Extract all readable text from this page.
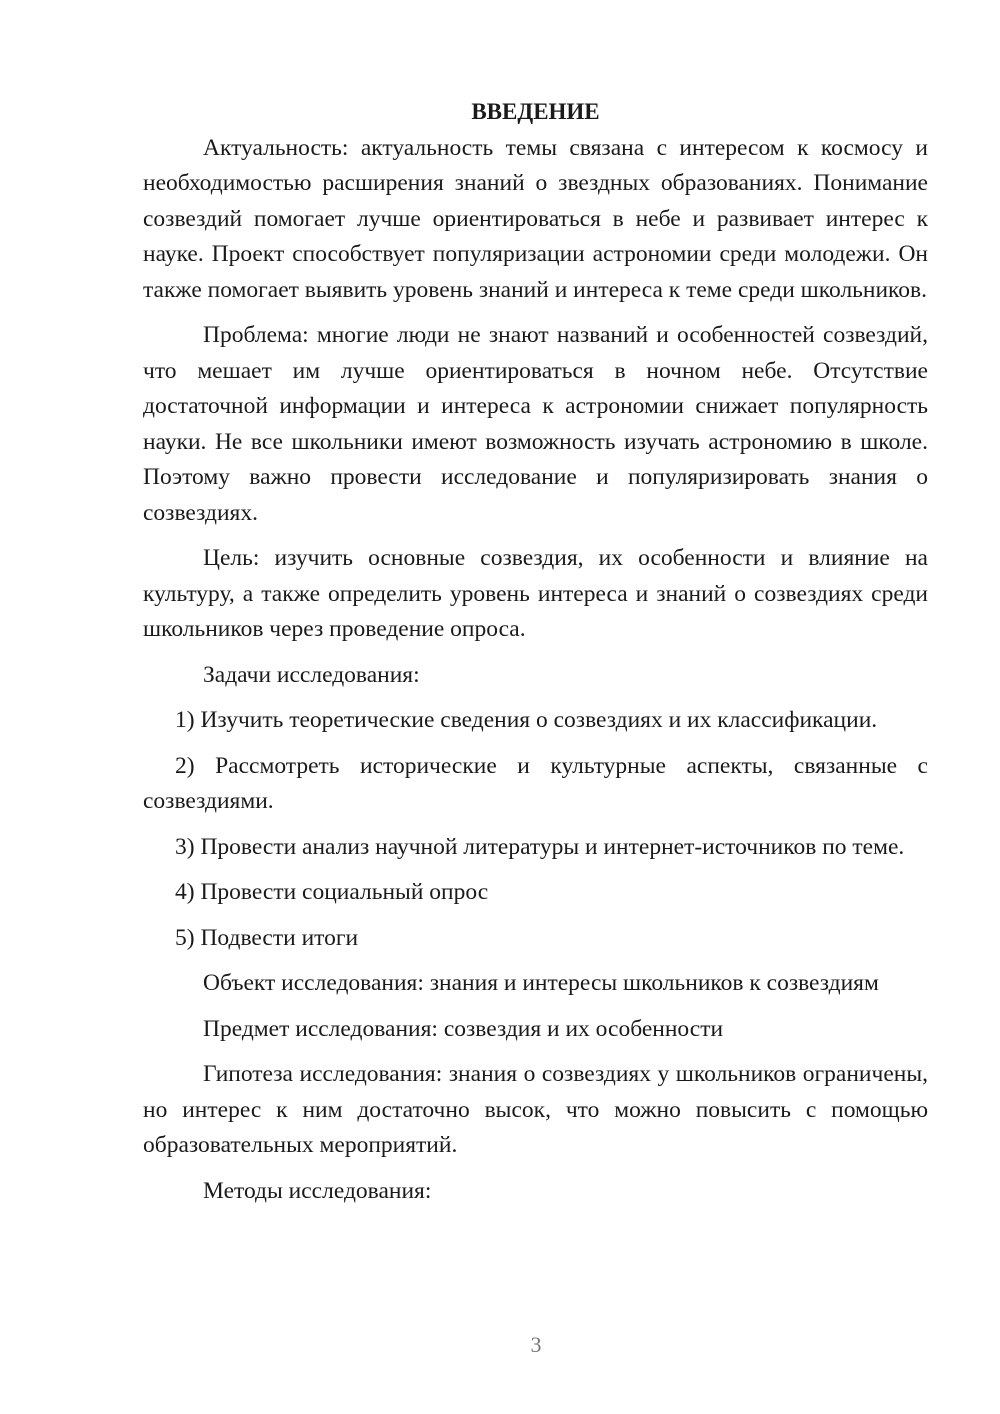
ВВЕДЕНИЕ

Актуальность: актуальность темы связана с интересом к космосу и необходимостью расширения знаний о звездных образованиях. Понимание созвездий помогает лучше ориентироваться в небе и развивает интерес к науке. Проект способствует популяризации астрономии среди молодежи. Он также помогает выявить уровень знаний и интереса к теме среди школьников.

Проблема: многие люди не знают названий и особенностей созвездий, что мешает им лучше ориентироваться в ночном небе. Отсутствие достаточной информации и интереса к астрономии снижает популярность науки. Не все школьники имеют возможность изучать астрономию в школе. Поэтому важно провести исследование и популяризировать знания о созвездиях.

Цель: изучить основные созвездия, их особенности и влияние на культуру, а также определить уровень интереса и знаний о созвездиях среди школьников через проведение опроса.

Задачи исследования:

1) Изучить теоретические сведения о созвездиях и их классификации.

2) Рассмотреть исторические и культурные аспекты, связанные с созвездиями.

3) Провести анализ научной литературы и интернет-источников по теме.

4) Провести социальный опрос

5) Подвести итоги

Объект исследования: знания и интересы школьников к созвездиям

Предмет исследования: созвездия и их особенности

Гипотеза исследования: знания о созвездиях у школьников ограничены, но интерес к ним достаточно высок, что можно повысить с помощью образовательных мероприятий.

Методы исследования:

3
